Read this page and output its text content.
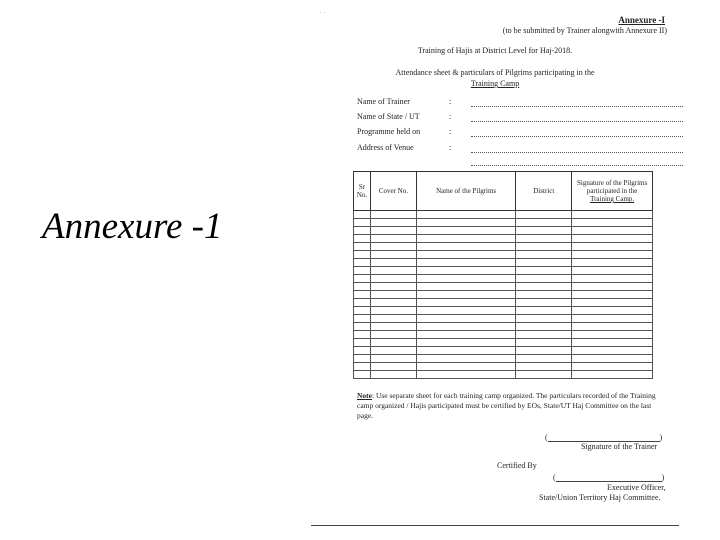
Annexure -1
· ·
Annexure -I
(to be submitted by Trainer alongwith Annexure II)
Training of Hajis at District Level for Haj-2018.
Attendance sheet & particulars of Pilgrims participating in the
Training Camp
Name of Trainer	:
Name of State / UT	:
Programme held on	:
Address of Venue	:
Sr No.	Cover No.	Name of the Pilgrims	District	Signature of the Pilgrims participated in the
Training Camp.

Note: Use separate sheet for each training camp organized. The particulars recorded of the Training camp organized / Hajis participated must be certified by EOs, State/UT Haj Committee on the last page.
(	)
Signature of the Trainer
Certified By
(	)
Executive Officer,
State/Union Territory Haj Committee.
